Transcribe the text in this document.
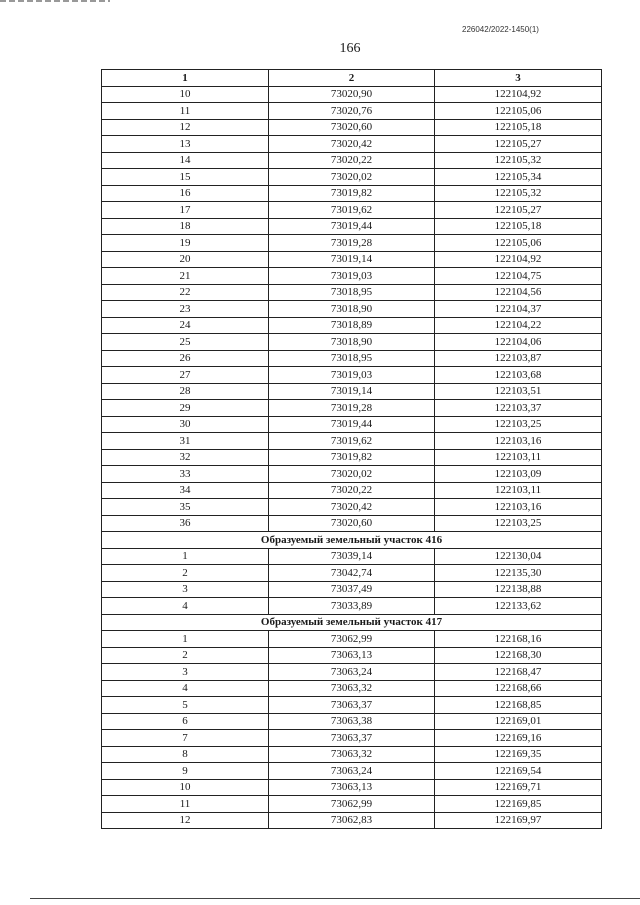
226042/2022-1450(1)
166
1	2	3
10	73020,90	122104,92
11	73020,76	122105,06
12	73020,60	122105,18
13	73020,42	122105,27
14	73020,22	122105,32
15	73020,02	122105,34
16	73019,82	122105,32
17	73019,62	122105,27
18	73019,44	122105,18
19	73019,28	122105,06
20	73019,14	122104,92
21	73019,03	122104,75
22	73018,95	122104,56
23	73018,90	122104,37
24	73018,89	122104,22
25	73018,90	122104,06
26	73018,95	122103,87
27	73019,03	122103,68
28	73019,14	122103,51
29	73019,28	122103,37
30	73019,44	122103,25
31	73019,62	122103,16
32	73019,82	122103,11
33	73020,02	122103,09
34	73020,22	122103,11
35	73020,42	122103,16
36	73020,60	122103,25
Образуемый земельный участок 416		
1	73039,14	122130,04
2	73042,74	122135,30
3	73037,49	122138,88
4	73033,89	122133,62
Образуемый земельный участок 417		
1	73062,99	122168,16
2	73063,13	122168,30
3	73063,24	122168,47
4	73063,32	122168,66
5	73063,37	122168,85
6	73063,38	122169,01
7	73063,37	122169,16
8	73063,32	122169,35
9	73063,24	122169,54
10	73063,13	122169,71
11	73062,99	122169,85
12	73062,83	122169,97
